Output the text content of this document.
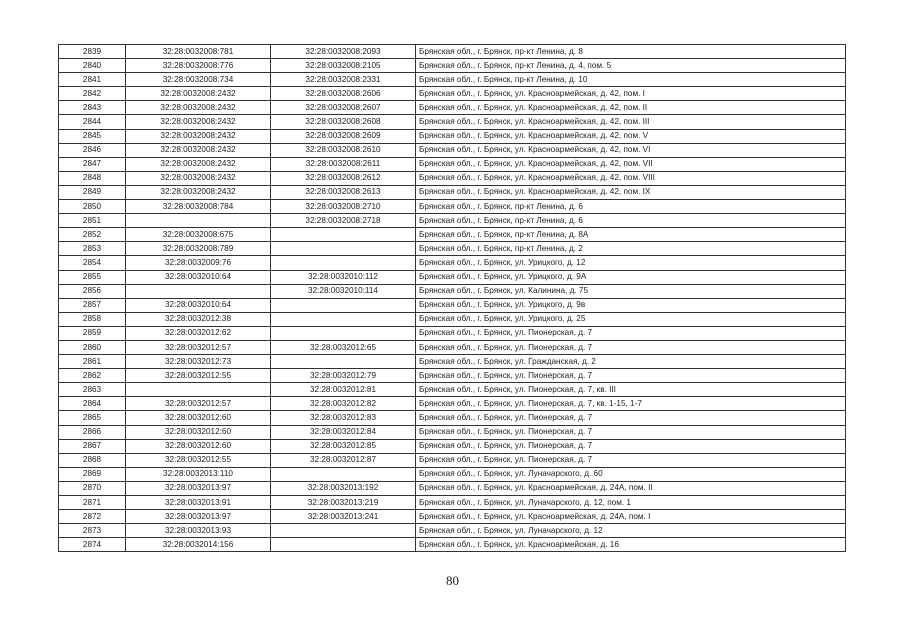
2839	32:28:0032008:781	32:28:0032008:2093	Брянская обл., г. Брянск, пр-кт Ленина, д. 8
2840	32:28:0032008:776	32:28:0032008:2105	Брянская обл., г. Брянск, пр-кт Ленина, д. 4, пом. 5
2841	32:28:0032008:734	32:28:0032008:2331	Брянская обл., г. Брянск, пр-кт Ленина, д. 10
2842	32:28:0032008:2432	32:28:0032008:2606	Брянская обл., г. Брянск, ул. Красноармейская, д. 42, пом. I
2843	32:28:0032008:2432	32:28:0032008:2607	Брянская обл., г. Брянск, ул. Красноармейская, д. 42, пом. II
2844	32:28:0032008:2432	32:28:0032008:2608	Брянская обл., г. Брянск, ул. Красноармейская, д. 42, пом. III
2845	32:28:0032008:2432	32:28:0032008:2609	Брянская обл., г. Брянск, ул. Красноармейская, д. 42, пом. V
2846	32:28:0032008:2432	32:28:0032008:2610	Брянская обл., г. Брянск, ул. Красноармейская, д. 42, пом. VI
2847	32:28:0032008:2432	32:28:0032008:2611	Брянская обл., г. Брянск, ул. Красноармейская, д. 42, пом. VII
2848	32:28:0032008:2432	32:28:0032008:2612	Брянская обл., г. Брянск, ул. Красноармейская, д. 42, пом. VIII
2849	32:28:0032008:2432	32:28:0032008:2613	Брянская обл., г. Брянск, ул. Красноармейская, д. 42, пом. IX
2850	32:28:0032008:784	32:28:0032008:2710	Брянская обл., г. Брянск, пр-кт Ленина, д. 6
2851		32:28:0032008:2718	Брянская обл., г. Брянск, пр-кт Ленина, д. 6
2852	32:28:0032008:675		Брянская обл., г. Брянск, пр-кт Ленина, д. 8А
2853	32:28:0032008:789		Брянская обл., г. Брянск, пр-кт Ленина, д. 2
2854	32:28:0032009:76		Брянская обл., г. Брянск, ул. Урицкого, д. 12
2855	32:28:0032010:64	32:28:0032010:112	Брянская обл., г. Брянск, ул. Урицкого, д. 9А
2856		32:28:0032010:114	Брянская обл., г. Брянск, ул. Калинина, д. 75
2857	32:28:0032010:64		Брянская обл., г. Брянск, ул. Урицкого, д. 9в
2858	32:28:0032012:38		Брянская обл., г. Брянск, ул. Урицкого, д. 25
2859	32:28:0032012:62		Брянская обл., г. Брянск, ул. Пионерская, д. 7
2860	32:28:0032012:57	32:28:0032012:65	Брянская обл., г. Брянск, ул. Пионерская, д. 7
2861	32:28:0032012:73		Брянская обл., г. Брянск, ул. Гражданская, д. 2
2862	32:28:0032012:55	32:28:0032012:79	Брянская обл., г. Брянск, ул. Пионерская, д. 7
2863		32:28:0032012:81	Брянская обл., г. Брянск, ул. Пионерская, д. 7, кв. III
2864	32:28:0032012:57	32:28:0032012:82	Брянская обл., г. Брянск, ул. Пионерская, д. 7, кв. 1-15, 1-7
2865	32:28:0032012:60	32:28:0032012:83	Брянская обл., г. Брянск, ул. Пионерская, д. 7
2866	32:28:0032012:60	32:28:0032012:84	Брянская обл., г. Брянск, ул. Пионерская, д. 7
2867	32:28:0032012:60	32:28:0032012:85	Брянская обл., г. Брянск, ул. Пионерская, д. 7
2868	32:28:0032012:55	32:28:0032012:87	Брянская обл., г. Брянск, ул. Пионерская, д. 7
2869	32:28:0032013:110		Брянская обл., г. Брянск, ул. Луначарского, д. 60
2870	32:28:0032013:97	32:28:0032013:192	Брянская обл., г. Брянск, ул. Красноармейская, д. 24А, пом. II
2871	32:28:0032013:91	32:28:0032013:219	Брянская обл., г. Брянск, ул. Луначарского, д. 12, пом. 1
2872	32:28:0032013:97	32:28:0032013:241	Брянская обл., г. Брянск, ул. Красноармейская, д. 24А, пом. I
2873	32:28:0032013:93		Брянская обл., г. Брянск, ул. Луначарского, д. 12
2874	32:28:0032014:156		Брянская обл., г. Брянск, ул. Красноармейская, д. 16
80
